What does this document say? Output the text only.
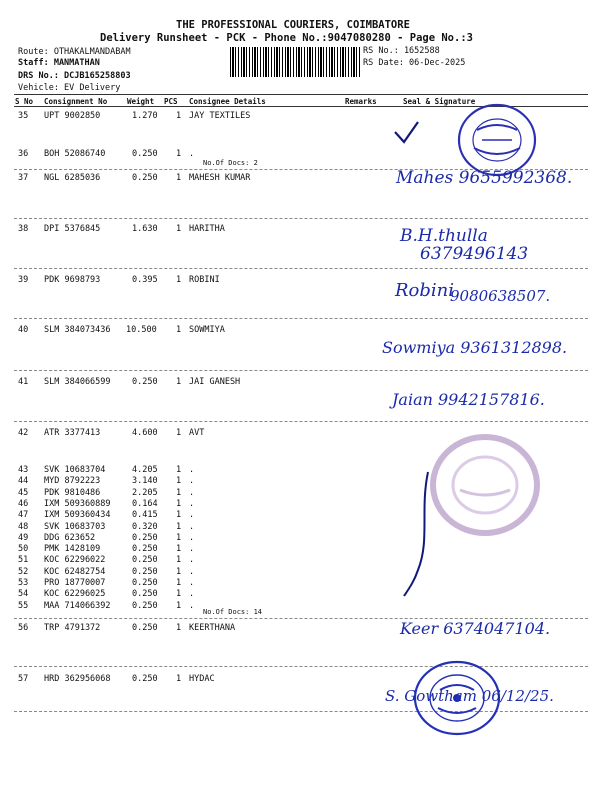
THE PROFESSIONAL COURIERS, COIMBATORE
Delivery Runsheet - PCK - Phone No.:9047080280 - Page No.:3
Route: OTHAKALMANDABAM
Staff: MANMATHAN
DRS No.: DCJB165258803
Vehicle: EV Delivery
RS No.: 1652588
RS Date: 06-Dec-2025
S No Consignment No	Weight PCS Consignee Details	Remarks	Seal & Signature
35 UPT 9002850	1.270 1 JAY TEXTILES
36 BOH 52086740	0.250 1 .
No.Of Docs: 2
37 NGL 6285036	0.250 1 MAHESH KUMAR
38 DPI 5376845	1.630 1 HARITHA
39 PDK 9698793	0.395 1 ROBINI
40 SLM 384073436 10.500 1 SOWMIYA
41 SLM 384066599	0.250 1 JAI GANESH
42 ATR 3377413	4.600 1 AVT
43 SVK 10683704	4.205 1 .
44 MYD 8792223	3.140 1 .
45 PDK 9810486	2.205 1 .
46 IXM 509360889	0.164 1 .
47 IXM 509360434	0.415 1 .
48 SVK 10683703	0.320 1 .
49 DDG 623652	0.250 1 .
50 PMK 1428109	0.250 1 .
51 KOC 62296022	0.250 1 .
52 KOC 62482754	0.250 1 .
53 PRO 18770007	0.250 1 .
54 KOC 62296025	0.250 1 .
55 MAA 714066392	0.250 1 .
No.Of Docs: 14
56 TRP 4791372	0.250 1 KEERTHANA
57 HRD 362956068	0.250 1 HYDAC
Mahes 9655992368.
B.H.thulla
6379496143
Robini
9080638507.
Sowmiya 9361312898.
Jaian 9942157816.
Keer 6374047104.
S. Gowtham 06/12/25.
